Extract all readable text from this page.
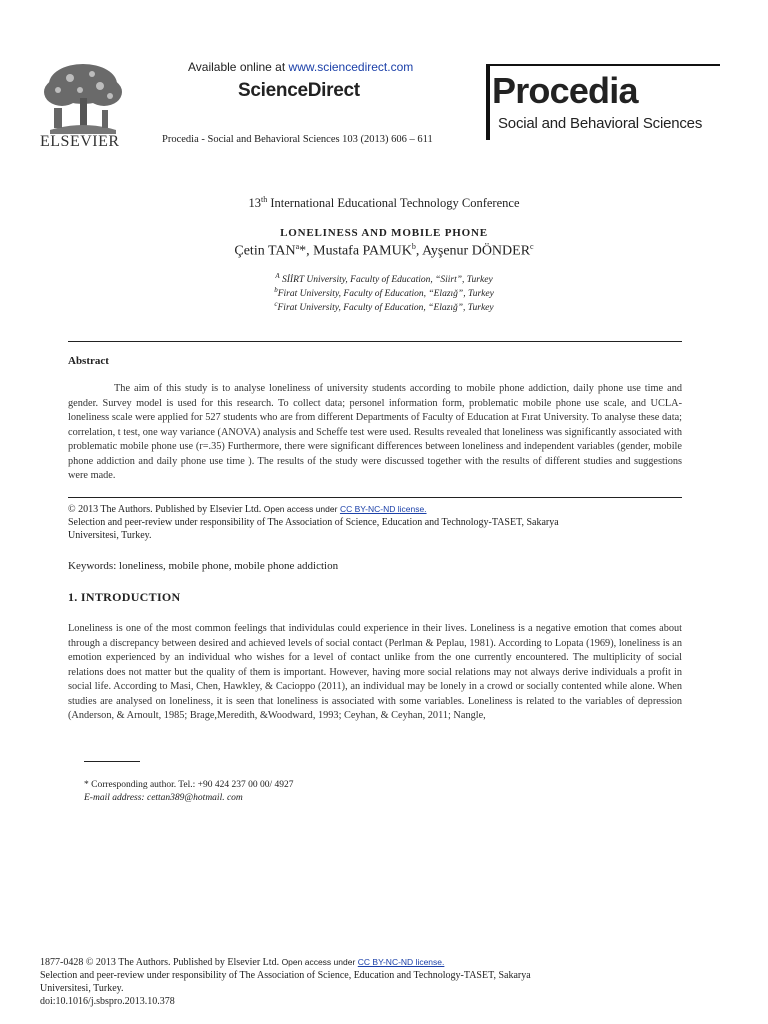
ELSEVIER
Available online at www.sciencedirect.com
ScienceDirect
Procedia - Social and Behavioral Sciences 103 (2013) 606 – 611
Procedia
Social and Behavioral Sciences
13th International Educational Technology Conference
LONELINESS AND MOBILE PHONE
Çetin TAN$^a$*, Mustafa PAMUK$^b$, Ayşenur DÖNDER$^c$
$^A$ SİİRT University, Faculty of Education, “Siirt”, Turkey
$^b$Firat University, Faculty of Education, “Elazığ”, Turkey
$^c$Firat University, Faculty of Education, “Elazığ”, Turkey
Abstract

The aim of this study is to analyse loneliness of university students according to mobile phone addiction, daily phone use time and gender. Survey model is used for this research. To collect data; personel information form, problematic mobile phone use scale, and UCLA-loneliness scale were applied for 527 students who are from different Departments of Faculty of Education at Fırat University. To analyse these data; correlation, t test, one way variance (ANOVA) analysis and Scheffe test were used. Results revealed that loneliness was significantly associated with problematic mobile phone use (r=.35) Furthermore, there were significant differences between loneliness and independent variables (gender, mobile phone addiction and daily phone use time ). The results of the study were discussed together with the results of different studies and suggestions were made.

© 2013 The Authors. Published by Elsevier Ltd. Open access under CC BY-NC-ND license.
Selection and peer-review under responsibility of The Association of Science, Education and Technology-TASET, Sakarya
Universitesi, Turkey.
Keywords: loneliness, mobile phone, mobile phone addiction
1. INTRODUCTION

Loneliness is one of the most common feelings that individulas could experience in their lives. Loneliness is a negative emotion that comes about through a discrepancy between desired and achieved levels of social contact (Perlman & Peplau, 1981). According to Lopata (1969), loneliness is an emotion experienced by an individual who wishes for a level of contact unlike from the one currently encountered. The multiplicity of social relations does not matter but the quality of them is important. However, having more social relations may not always derive individuals a profit in social life. According to Masi, Chen, Hawkley, & Cacioppo (2011), an individual may be lonely in a crowd or socially contented while alone. When studies are analysed on loneliness, it is seen that loneliness is associated with some variables. Loneliness is related to the variables of depression (Anderson, & Arnoult, 1985; Brage,Meredith, &Woodward, 1993; Ceyhan, & Ceyhan, 2011; Nangle,

* Corresponding author. Tel.: +90 424 237 00 00/ 4927
E-mail address: cettan389@hotmail. com
1877-0428 © 2013 The Authors. Published by Elsevier Ltd. Open access under CC BY-NC-ND license.
Selection and peer-review under responsibility of The Association of Science, Education and Technology-TASET, Sakarya
Universitesi, Turkey.
doi:10.1016/j.sbspro.2013.10.378
